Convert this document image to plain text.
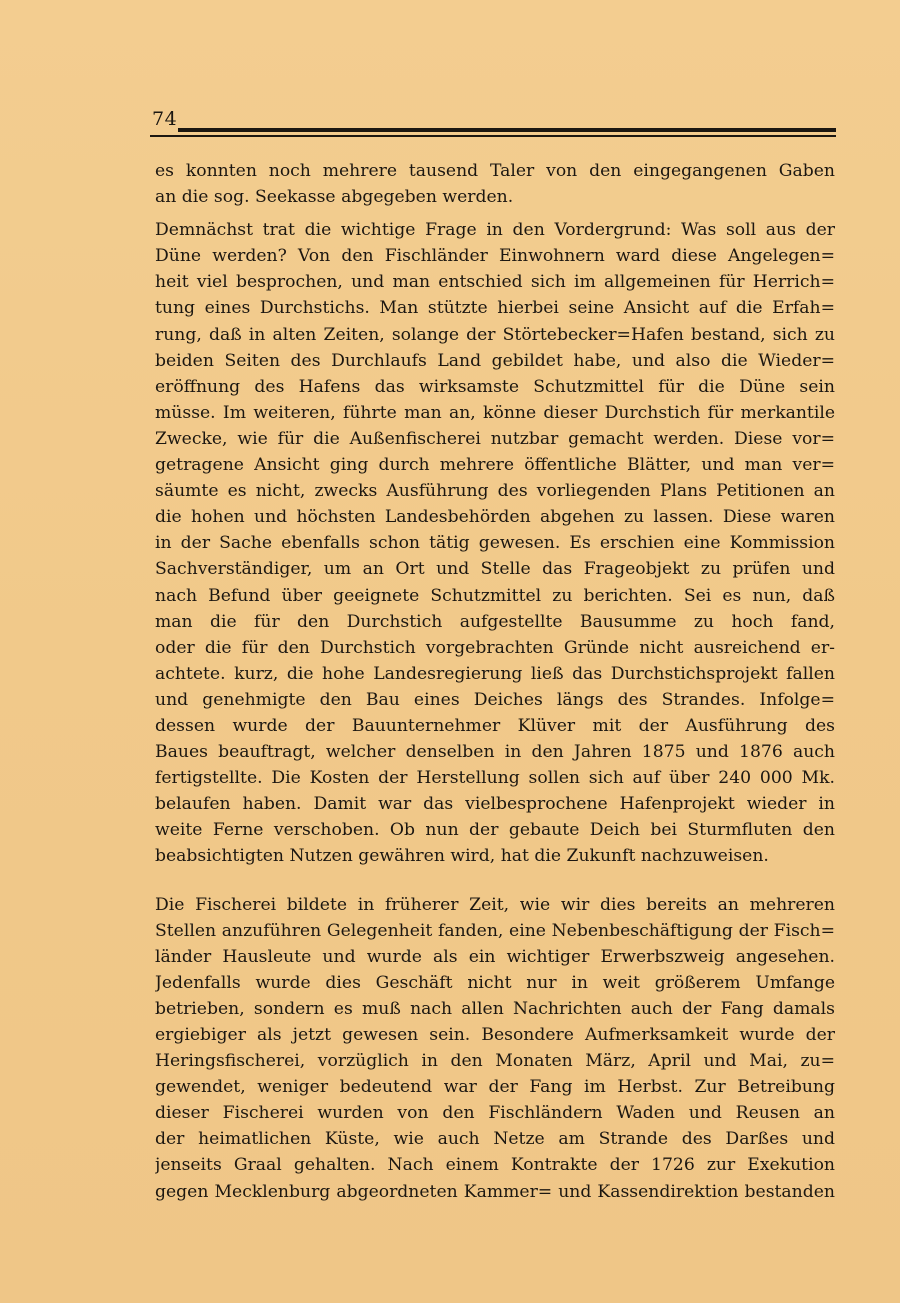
74
es konnten noch mehrere tausend Taler von den eingegangenen Gaben
an die sog. Seekasse abgegeben werden.
Demnächst trat die wichtige Frage in den Vordergrund: Was soll aus der
Düne werden? Von den Fischländer Einwohnern ward diese Angelegen=
heit viel besprochen, und man entschied sich im allgemeinen für Herrich=
tung eines Durchstichs. Man stützte hierbei seine Ansicht auf die Erfah=
rung, daß in alten Zeiten, solange der Störtebecker=Hafen bestand, sich zu
beiden Seiten des Durchlaufs Land gebildet habe, und also die Wieder=
eröffnung des Hafens das wirksamste Schutzmittel für die Düne sein
müsse. Im weiteren, führte man an, könne dieser Durchstich für merkantile
Zwecke, wie für die Außenfischerei nutzbar gemacht werden. Diese vor=
getragene Ansicht ging durch mehrere öffentliche Blätter, und man ver=
säumte es nicht, zwecks Ausführung des vorliegenden Plans Petitionen an
die hohen und höchsten Landesbehörden abgehen zu lassen. Diese waren
in der Sache ebenfalls schon tätig gewesen. Es erschien eine Kommission
Sachverständiger, um an Ort und Stelle das Frageobjekt zu prüfen und
nach Befund über geeignete Schutzmittel zu berichten. Sei es nun, daß
man die für den Durchstich aufgestellte Bausumme zu hoch fand,
oder die für den Durchstich vorgebrachten Gründe nicht ausreichend er-
achtete. kurz, die hohe Landesregierung ließ das Durchstichsprojekt fallen
und genehmigte den Bau eines Deiches längs des Strandes. Infolge=
dessen wurde der Bauunternehmer Klüver mit der Ausführung des
Baues beauftragt, welcher denselben in den Jahren 1875 und 1876 auch
fertigstellte. Die Kosten der Herstellung sollen sich auf über 240 000 Mk.
belaufen haben. Damit war das vielbesprochene Hafenprojekt wieder in
weite Ferne verschoben. Ob nun der gebaute Deich bei Sturmfluten den
beabsichtigten Nutzen gewähren wird, hat die Zukunft nachzuweisen.
Die Fischerei bildete in früherer Zeit, wie wir dies bereits an mehreren
Stellen anzuführen Gelegenheit fanden, eine Nebenbeschäftigung der Fisch=
länder Hausleute und wurde als ein wichtiger Erwerbszweig angesehen.
Jedenfalls wurde dies Geschäft nicht nur in weit größerem Umfange
betrieben, sondern es muß nach allen Nachrichten auch der Fang damals
ergiebiger als jetzt gewesen sein. Besondere Aufmerksamkeit wurde der
Heringsfischerei, vorzüglich in den Monaten März, April und Mai, zu=
gewendet, weniger bedeutend war der Fang im Herbst. Zur Betreibung
dieser Fischerei wurden von den Fischländern Waden und Reusen an
der heimatlichen Küste, wie auch Netze am Strande des Darßes und
jenseits Graal gehalten. Nach einem Kontrakte der 1726 zur Exekution
gegen Mecklenburg abgeordneten Kammer= und Kassendirektion bestanden
